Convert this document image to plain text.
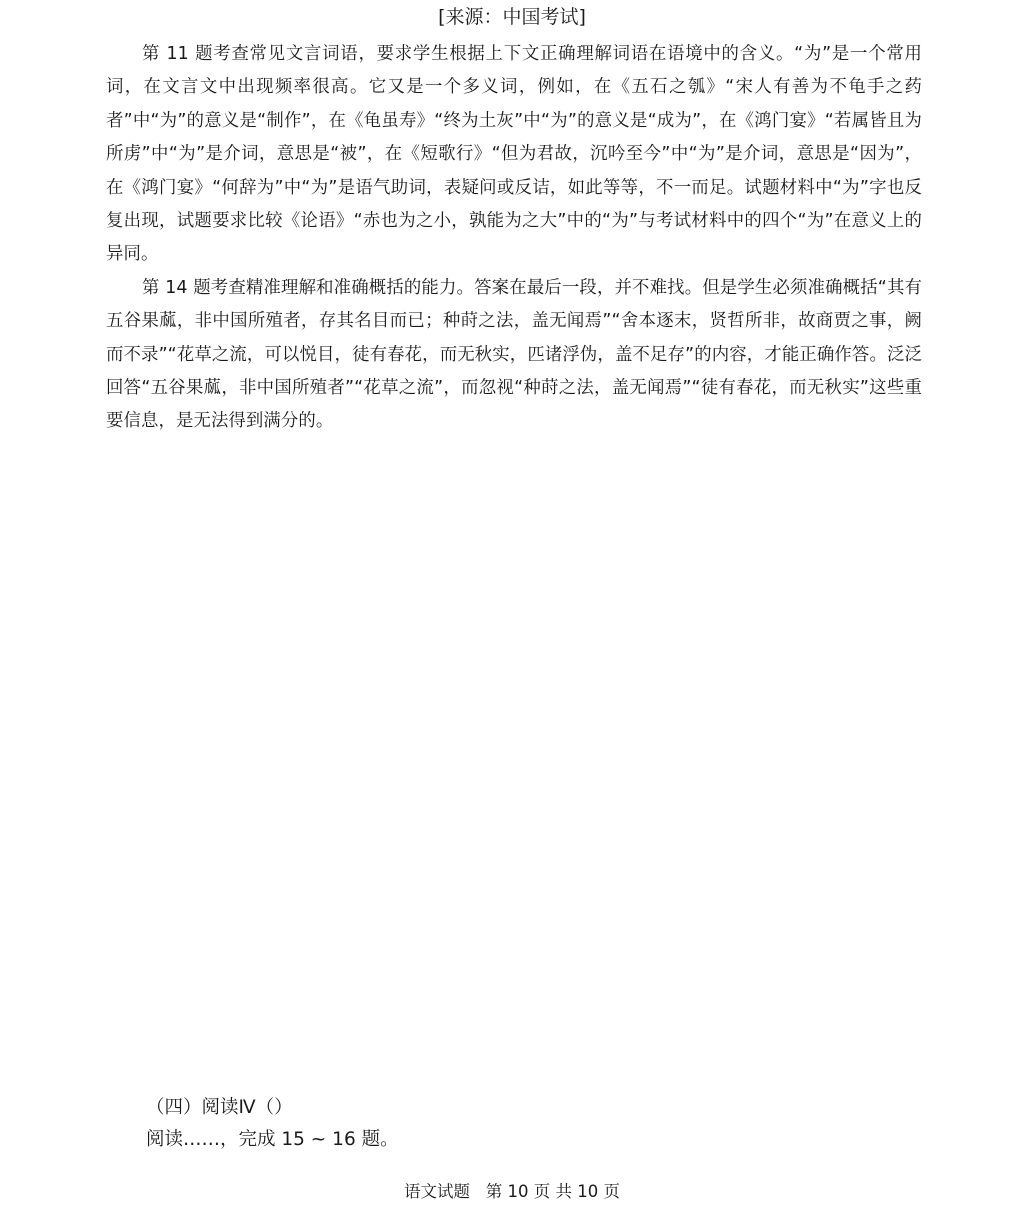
[来源：中国考试]

第 11 题考查常见文言词语，要求学生根据上下文正确理解词语在语境中的含义。“为”是一个常用词，在文言文中出现频率很高。它又是一个多义词，例如，在《五石之瓠》“宋人有善为不龟手之药者”中“为”的意义是“制作”，在《龟虽寿》“终为土灰”中“为”的意义是“成为”，在《鸿门宴》“若属皆且为所虏”中“为”是介词，意思是“被”，在《短歌行》“但为君故，沉吟至今”中“为”是介词，意思是“因为”，在《鸿门宴》“何辞为”中“为”是语气助词，表疑问或反诘，如此等等，不一而足。试题材料中“为”字也反复出现，试题要求比较《论语》“赤也为之小，孰能为之大”中的“为”与考试材料中的四个“为”在意义上的异同。

第 14 题考查精准理解和准确概括的能力。答案在最后一段，并不难找。但是学生必须准确概括“其有五谷果蓏，非中国所殖者，存其名目而已；种莳之法，盖无闻焉”“舍本逐末，贤哲所非，故商贾之事，阙而不录”“花草之流，可以悦目，徒有春花，而无秋实，匹诸浮伪，盖不足存”的内容，才能正确作答。泛泛回答“五谷果蓏，非中国所殖者”“花草之流”，而忽视“种莳之法，盖无闻焉”“徒有春花，而无秋实”这些重要信息，是无法得到满分的。

（四）阅读Ⅳ（）
阅读……，完成 15 ~ 16 题。
语文试题 第 10 页 共 10 页
